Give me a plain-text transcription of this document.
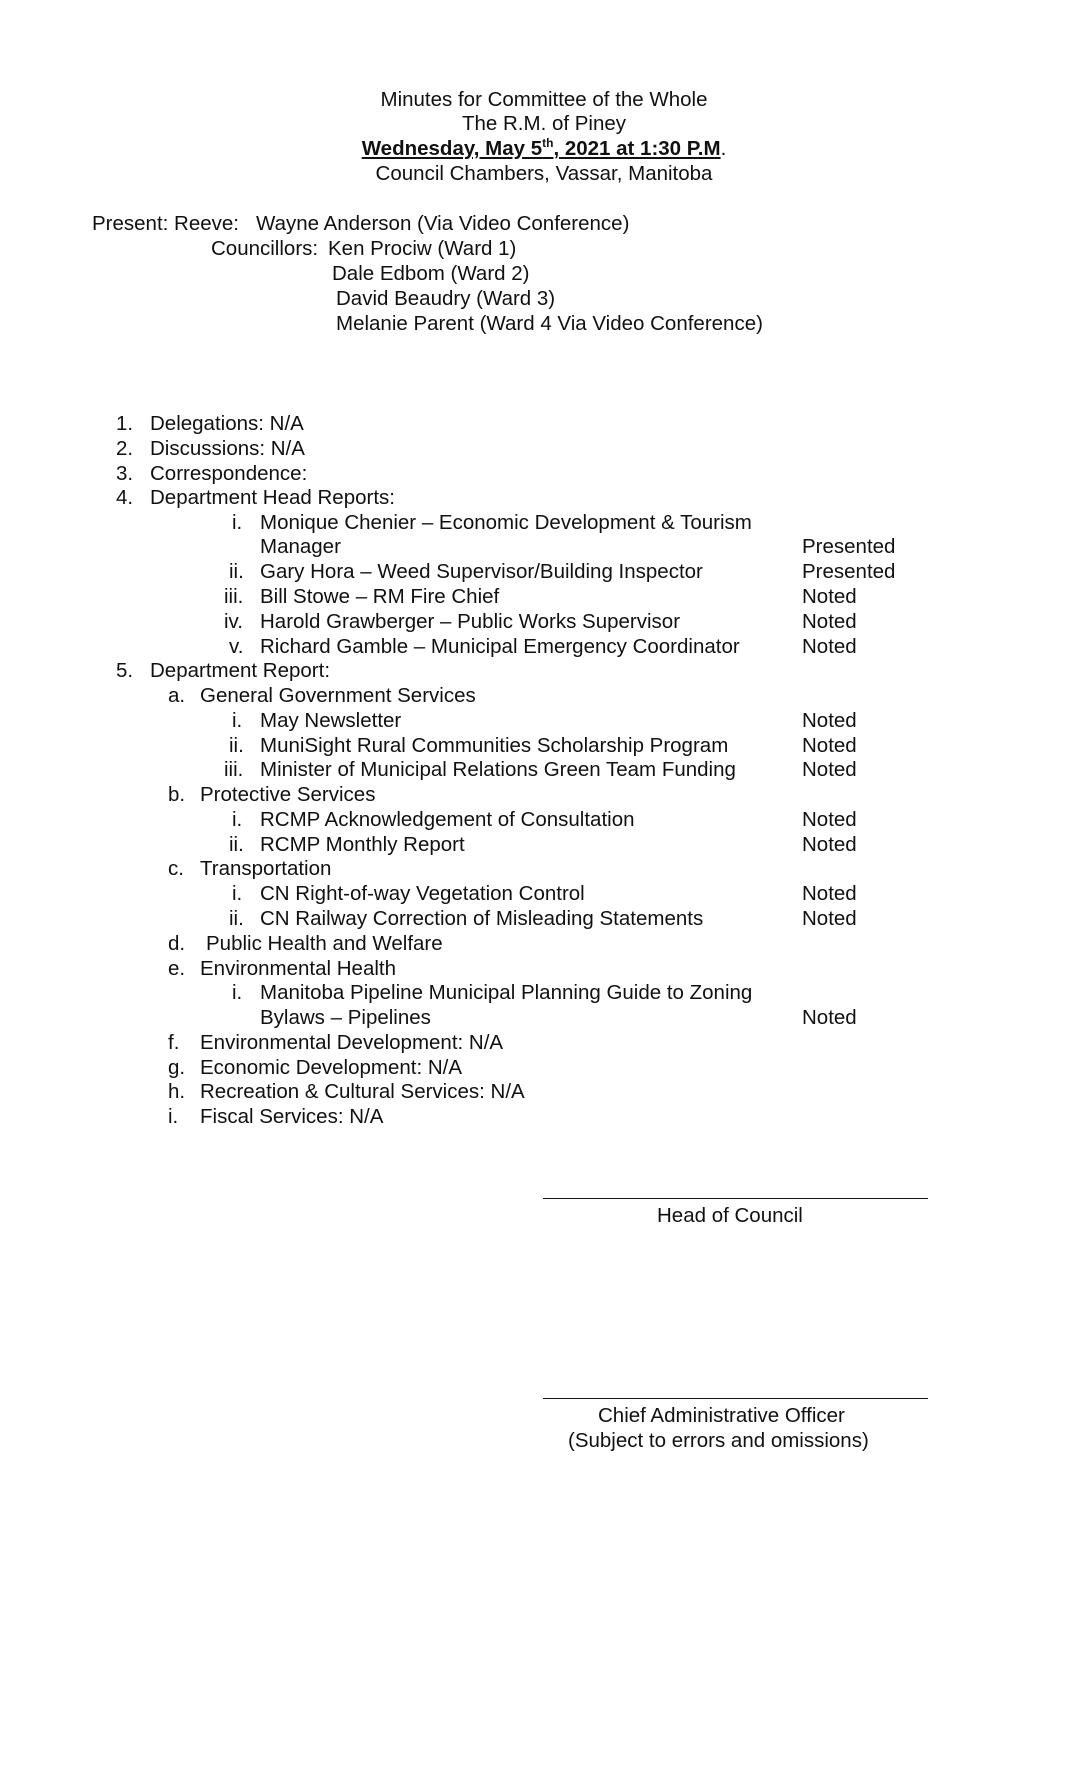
Minutes for Committee of the Whole
The R.M. of Piney
Wednesday, May 5th, 2021 at 1:30 P.M.
Council Chambers, Vassar, Manitoba
Present: Reeve: Wayne Anderson (Via Video Conference)
Councillors: Ken Prociw (Ward 1)
Dale Edbom (Ward 2)
David Beaudry (Ward 3)
Melanie Parent (Ward 4 Via Video Conference)
1. Delegations: N/A
2. Discussions: N/A
3. Correspondence:
4. Department Head Reports:
i. Monique Chenier – Economic Development & Tourism
Manager	Presented
ii. Gary Hora – Weed Supervisor/Building Inspector	Presented
iii. Bill Stowe – RM Fire Chief	Noted
iv. Harold Grawberger – Public Works Supervisor	Noted
v. Richard Gamble – Municipal Emergency Coordinator	Noted
5. Department Report:
a. General Government Services
i. May Newsletter	Noted
ii. MuniSight Rural Communities Scholarship Program	Noted
iii. Minister of Municipal Relations Green Team Funding	Noted
b. Protective Services
i. RCMP Acknowledgement of Consultation	Noted
ii. RCMP Monthly Report	Noted
c. Transportation
i. CN Right-of-way Vegetation Control	Noted
ii. CN Railway Correction of Misleading Statements	Noted
d. Public Health and Welfare
e. Environmental Health
i. Manitoba Pipeline Municipal Planning Guide to Zoning
Bylaws – Pipelines	Noted
f. Environmental Development: N/A
g. Economic Development: N/A
h. Recreation & Cultural Services: N/A
i. Fiscal Services: N/A
Head of Council
Chief Administrative Officer
(Subject to errors and omissions)
